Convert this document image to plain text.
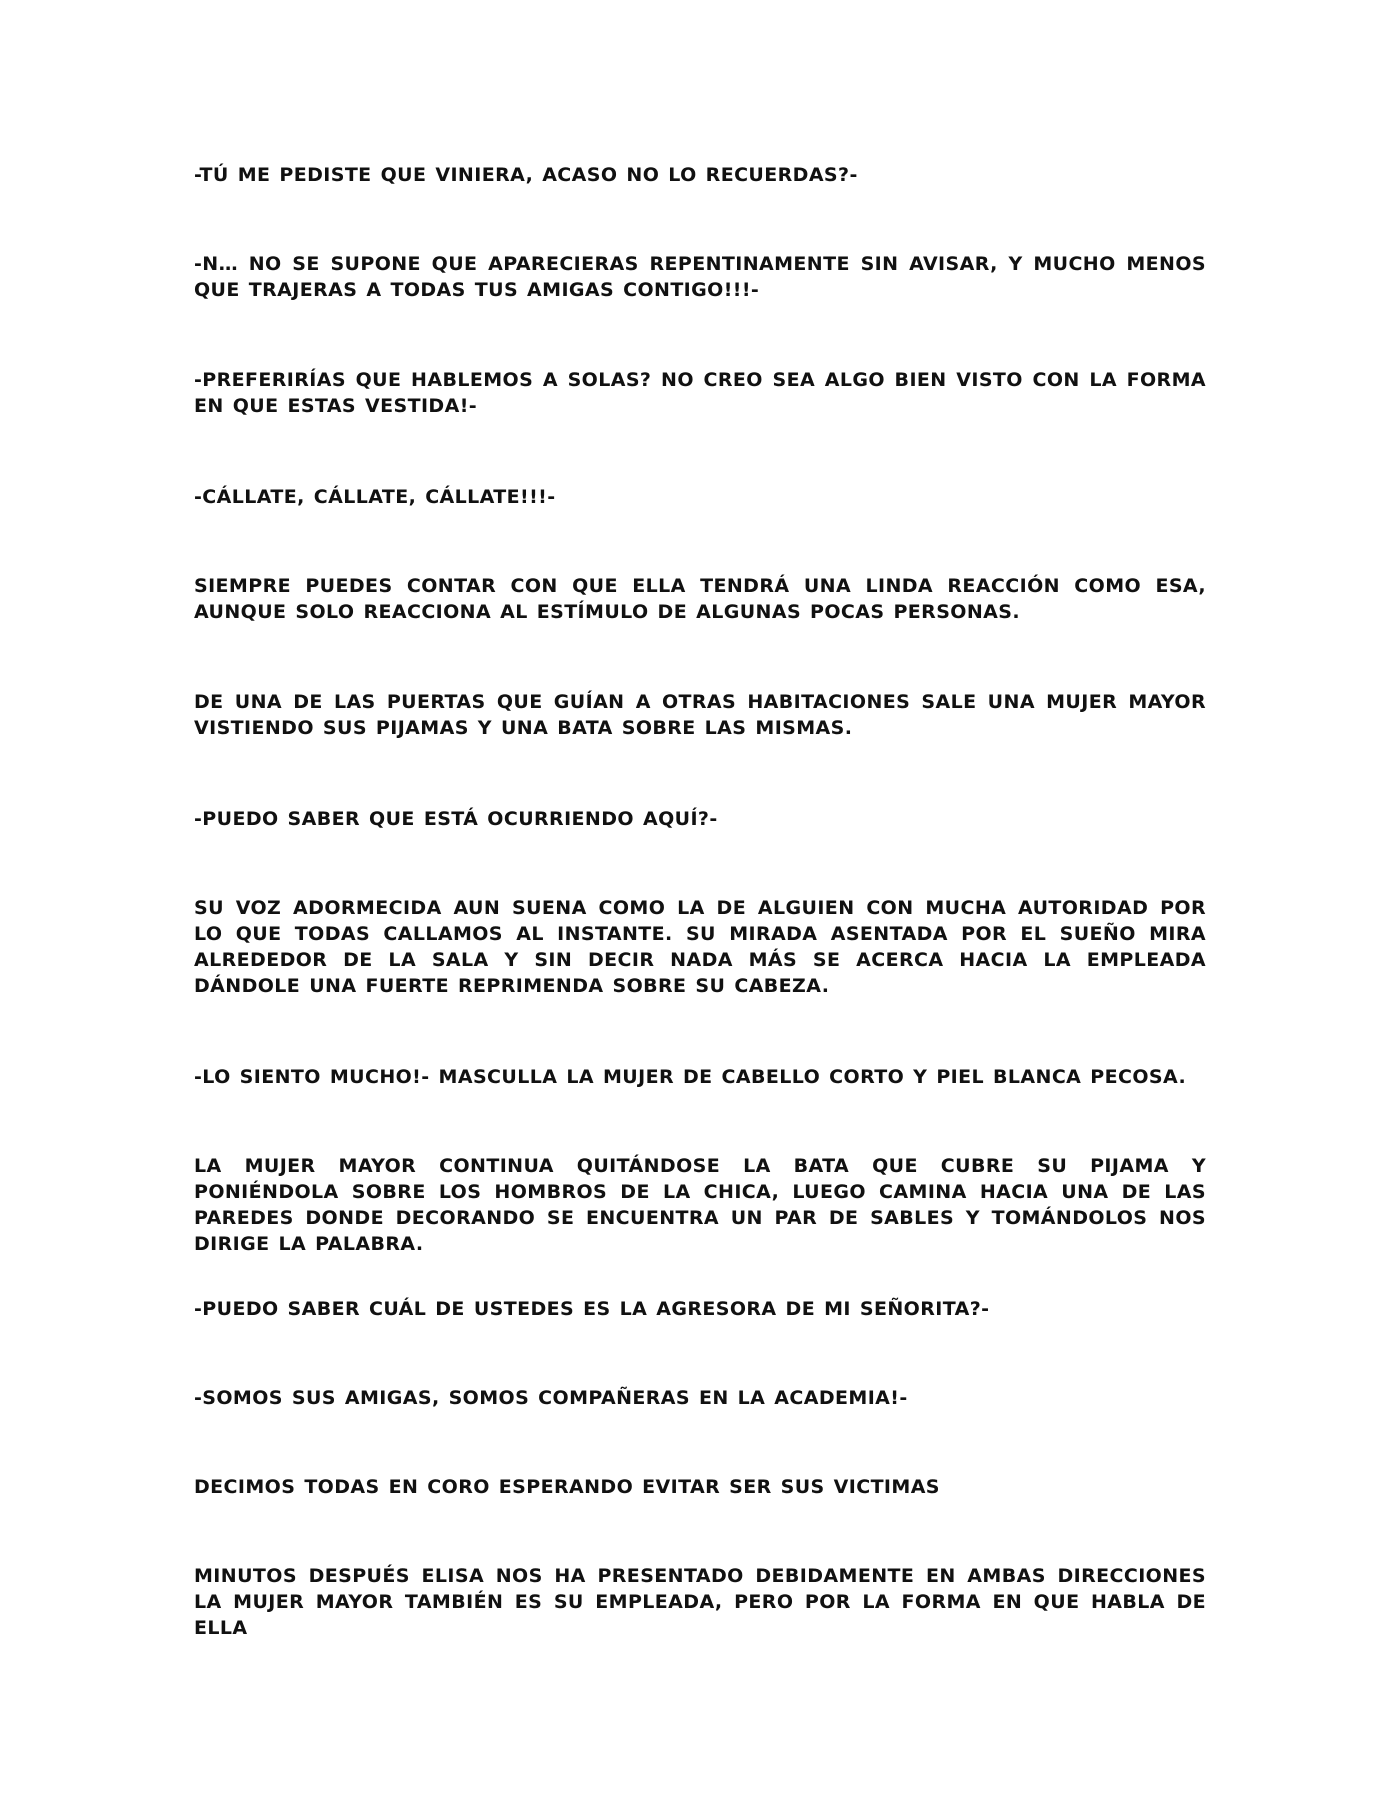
-TÚ ME PEDISTE QUE VINIERA, ACASO NO LO RECUERDAS?-

-N… NO SE SUPONE QUE APARECIERAS REPENTINAMENTE SIN AVISAR, Y MUCHO MENOS QUE TRAJERAS A TODAS TUS AMIGAS CONTIGO!!!-

-PREFERIRÍAS QUE HABLEMOS A SOLAS? NO CREO SEA ALGO BIEN VISTO CON LA FORMA EN QUE ESTAS VESTIDA!-

-CÁLLATE, CÁLLATE, CÁLLATE!!!-

SIEMPRE PUEDES CONTAR CON QUE ELLA TENDRÁ UNA LINDA REACCIÓN COMO ESA, AUNQUE SOLO REACCIONA AL ESTÍMULO DE ALGUNAS POCAS PERSONAS.

DE UNA DE LAS PUERTAS QUE GUÍAN A OTRAS HABITACIONES SALE UNA MUJER MAYOR VISTIENDO SUS PIJAMAS Y UNA BATA SOBRE LAS MISMAS.

-PUEDO SABER QUE ESTÁ OCURRIENDO AQUÍ?-

SU VOZ ADORMECIDA AUN SUENA COMO LA DE ALGUIEN CON MUCHA AUTORIDAD POR LO QUE TODAS CALLAMOS AL INSTANTE. SU MIRADA ASENTADA POR EL SUEÑO MIRA ALREDEDOR DE LA SALA Y SIN DECIR NADA MÁS SE ACERCA HACIA LA EMPLEADA DÁNDOLE UNA FUERTE REPRIMENDA SOBRE SU CABEZA.

-LO SIENTO MUCHO!- MASCULLA LA MUJER DE CABELLO CORTO Y PIEL BLANCA PECOSA.

LA MUJER MAYOR CONTINUA QUITÁNDOSE LA BATA QUE CUBRE SU PIJAMA Y PONIÉNDOLA SOBRE LOS HOMBROS DE LA CHICA, LUEGO CAMINA HACIA UNA DE LAS PAREDES DONDE DECORANDO SE ENCUENTRA UN PAR DE SABLES Y TOMÁNDOLOS NOS DIRIGE LA PALABRA.

-PUEDO SABER CUÁL DE USTEDES ES LA AGRESORA DE MI SEÑORITA?-

-SOMOS SUS AMIGAS, SOMOS COMPAÑERAS EN LA ACADEMIA!-

DECIMOS TODAS EN CORO ESPERANDO EVITAR SER SUS VICTIMAS

MINUTOS DESPUÉS ELISA NOS HA PRESENTADO DEBIDAMENTE EN AMBAS DIRECCIONES LA MUJER MAYOR TAMBIÉN ES SU EMPLEADA, PERO POR LA FORMA EN QUE HABLA DE ELLA
